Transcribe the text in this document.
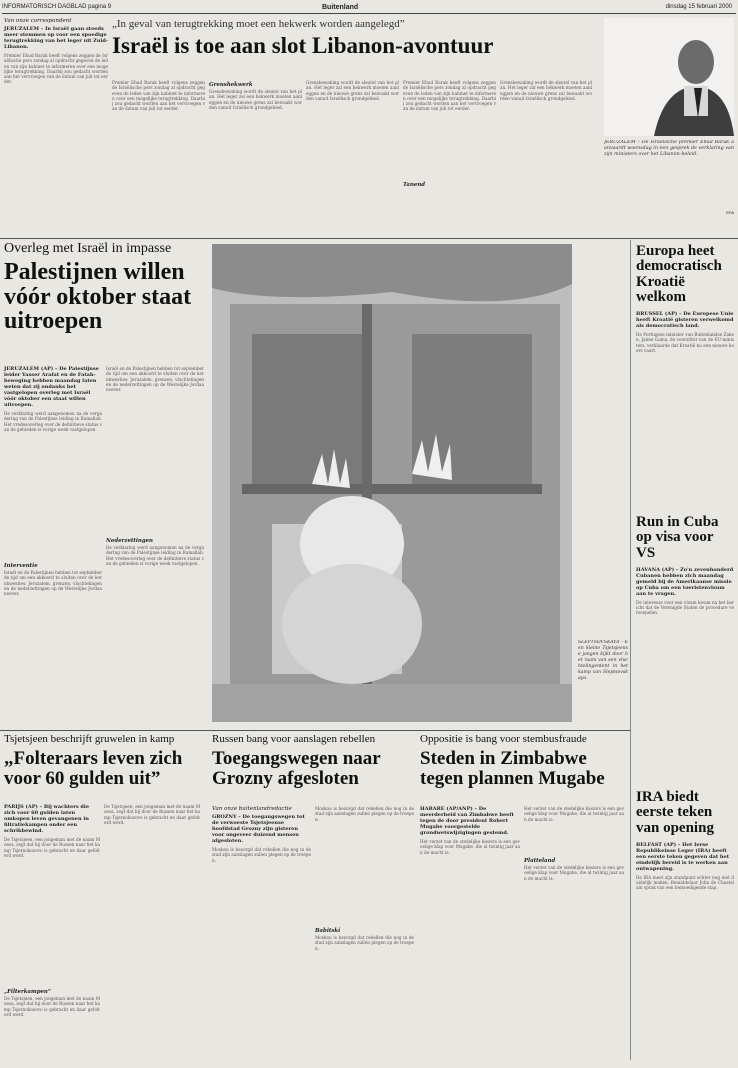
INFORMATORISCH DAGBLAD pagina 9	Buitenland	dinsdag 15 februari 2000
Van onze correspondent
JERUZALEM – In Israël gaan steeds meer stemmen op voor een spoedige terugtrekking van het leger uit Zuid-Libanon.
Premier Ehud Barak heeft volgens zeggen de Israëlische pers zondag al opdracht gegeven de leden van zijn kabinet te informeren over een mogelijke terugtrekking. Daarbij zou gedacht worden aan het vervroegen van de datum van juli tot eerder.
„In geval van terugtrekking moet een hekwerk worden aangelegd”
Israël is toe aan slot Libanon-avontuur
Premier Ehud Barak heeft volgens zeggen de Israëlische pers zondag al opdracht gegeven de leden van zijn kabinet te informeren over een mogelijke terugtrekking. Daarbij zou gedacht worden aan het vervroegen van de datum van juli tot eerder.
Grenshekwerk
Grensbewaking wordt de sleutel van het plan. Het leger zal een hekwerk moeten aanleggen en de nieuwe grens zal bewaakt worden vanuit Israëlisch grondgebied.
Grensbewaking wordt de sleutel van het plan. Het leger zal een hekwerk moeten aanleggen en de nieuwe grens zal bewaakt worden vanuit Israëlisch grondgebied.
Premier Ehud Barak heeft volgens zeggen de Israëlische pers zondag al opdracht gegeven de leden van zijn kabinet te informeren over een mogelijke terugtrekking. Daarbij zou gedacht worden aan het vervroegen van de datum van juli tot eerder.
Tanend
Grensbewaking wordt de sleutel van het plan. Het leger zal een hekwerk moeten aanleggen en de nieuwe grens zal bewaakt worden vanuit Israëlisch grondgebied.
JERUZALEM – De Israëlische premier Ehud Barak aanvaardt woensdag in een gesprek de verklaring van zijn ministers over het Libanon-beleid.
EPA
Overleg met Israël in impasse
Palestijnen willen vóór oktober staat uitroepen
JERUZALEM (AP) – De Palestijnse leider Yasser Arafat en de Fatah-beweging hebben maandag laten weten dat zij ondanks het vastgelopen overleg met Israël vóór oktober een staat willen uitroepen.
De verklaring werd aangenomen na de vergadering van de Palestijnse leiding in Ramallah. Het vredesoverleg over de definitieve status van de gebieden is vorige week vastgelopen.
Interventie
Israël en de Palestijnen hebben tot september de tijd om een akkoord te sluiten over de kernkwesties: Jeruzalem, grenzen, vluchtelingen en de nederzettingen op de Westelijke Jordaanoever.
Israël en de Palestijnen hebben tot september de tijd om een akkoord te sluiten over de kernkwesties: Jeruzalem, grenzen, vluchtelingen en de nederzettingen op de Westelijke Jordaanoever.
Nederzettingen
De verklaring werd aangenomen na de vergadering van de Palestijnse leiding in Ramallah. Het vredesoverleg over de definitieve status van de gebieden is vorige week vastgelopen.
SLEPTSOVSKAYA – Een kleine Tsjetsjeense jongen kijkt door het raam van een vluchtelingentent in het kamp van Sleptsovskaya.
Europa heet democratisch Kroatië welkom
BRUSSEL (AP) – De Europese Unie heeft Kroatië gisteren verwelkomd als democratisch land.
De Portugese minister van Buitenlandse Zaken, Jaime Gama, de voorzitter van de EU-ministers, verklaarde dat Kroatië nu een nieuwe koers vaart.
Run in Cuba op visa voor VS
HAVANA (AP) – Zo'n zevenhonderd Cubanen hebben zich maandag gemeld bij de Amerikaanse missie op Cuba om een toeristenvisum aan te vragen.
De interesse voor een visum kwam na het bericht dat de Verenigde Staten de procedure versoepelen.
IRA biedt eerste teken van opening
BELFAST (AP) – Het Ierse Republikeinse Leger (IRA) heeft een eerste teken gegeven dat het eindelijk bereid is te werken aan ontwapening.
De IRA meet zijn standpunt echter nog niet duidelijk maken. Bemiddelaar John de Chastelain sprak van een bemoedigende stap.
Tsjetsjeen beschrijft gruwelen in kamp
„Folteraars leven zich voor 60 gulden uit”
PARIJS (AP) – Bij wachters die zich voor 60 gulden laten omkopen leven gevangenen in filtratiekampen onder een schrikbewind.
De Tsjetsjeen, een jongeman met de naam Moesa, zegt dat hij door de Russen naar het kamp Tsjernokozovo is gebracht en daar gefolterd werd.
„Filterkampen”
De Tsjetsjeen, een jongeman met de naam Moesa, zegt dat hij door de Russen naar het kamp Tsjernokozovo is gebracht en daar gefolterd werd.
De Tsjetsjeen, een jongeman met de naam Moesa, zegt dat hij door de Russen naar het kamp Tsjernokozovo is gebracht en daar gefolterd werd.
Russen bang voor aanslagen rebellen
Toegangswegen naar Grozny afgesloten
Van onze buitenlandredactie
GROZNY – De toegangswegen tot de verwoeste Tsjetsjeense hoofdstad Grozny zijn gisteren voor ongeveer duizend mensen afgesloten.
Moskou is bezorgd dat rebellen die nog in de stad zijn aanslagen zullen plegen op de troepen.
Moskou is bezorgd dat rebellen die nog in de stad zijn aanslagen zullen plegen op de troepen.
Babitski
Moskou is bezorgd dat rebellen die nog in de stad zijn aanslagen zullen plegen op de troepen.
Oppositie is bang voor stembusfraude
Steden in Zimbabwe tegen plannen Mugabe
HARARE (AP/ANP) – De meerderheid van Zimbabwe heeft tegen de door president Robert Mugabe voorgestelde grondwetswijzigingen gestemd.
Het verzet van de stedelijke kiezers is een gevoelige klap voor Mugabe, die al twintig jaar aan de macht is.
Het verzet van de stedelijke kiezers is een gevoelige klap voor Mugabe, die al twintig jaar aan de macht is.
Platteland
Het verzet van de stedelijke kiezers is een gevoelige klap voor Mugabe, die al twintig jaar aan de macht is.
